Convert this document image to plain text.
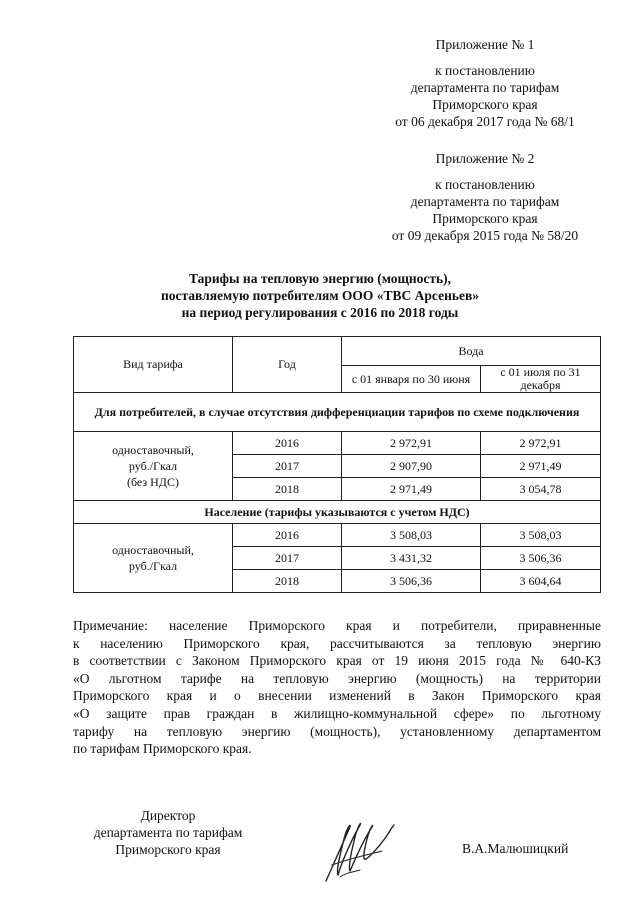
Приложение № 1
к постановлению
департамента по тарифам
Приморского края
от 06 декабря 2017 года № 68/1
Приложение № 2
к постановлению
департамента по тарифам
Приморского края
от 09 декабря 2015 года № 58/20
Тарифы на тепловую энергию (мощность),
поставляемую потребителям ООО «ТВС Арсеньев»
на период регулирования с 2016 по 2018 годы
Вид тарифа	Год	Вода	
		с 01 января по 30 июня	с 01 июля по 31 декабря
Для потребителей, в случае отсутствия дифференциации тарифов по схеме подключения			

одноставочный,
руб./Гкал
(без НДС)	2016	2 972,91	2 972,91
	2017	2 907,90	2 971,49
	2018	2 971,49	3 054,78
Население (тарифы указываются с учетом НДС)			

одноставочный,
руб./Гкал	2016	3 508,03	3 508,03
	2017	3 431,32	3 506,36
	2018	3 506,36	3 604,64
Примечание: население Приморского края и потребители, приравненные
к населению Приморского края, рассчитываются за тепловую энергию
в соответствии с Законом Приморского края от 19 июня 2015 года № 640-КЗ
«О льготном тарифе на тепловую энергию (мощность) на территории
Приморского края и о внесении изменений в Закон Приморского края
«О защите прав граждан в жилищно-коммунальной сфере» по льготному
тарифу на тепловую энергию (мощность), установленному департаментом
по тарифам Приморского края.
Директор
департамента по тарифам
Приморского края	В.А.Малюшицкий
